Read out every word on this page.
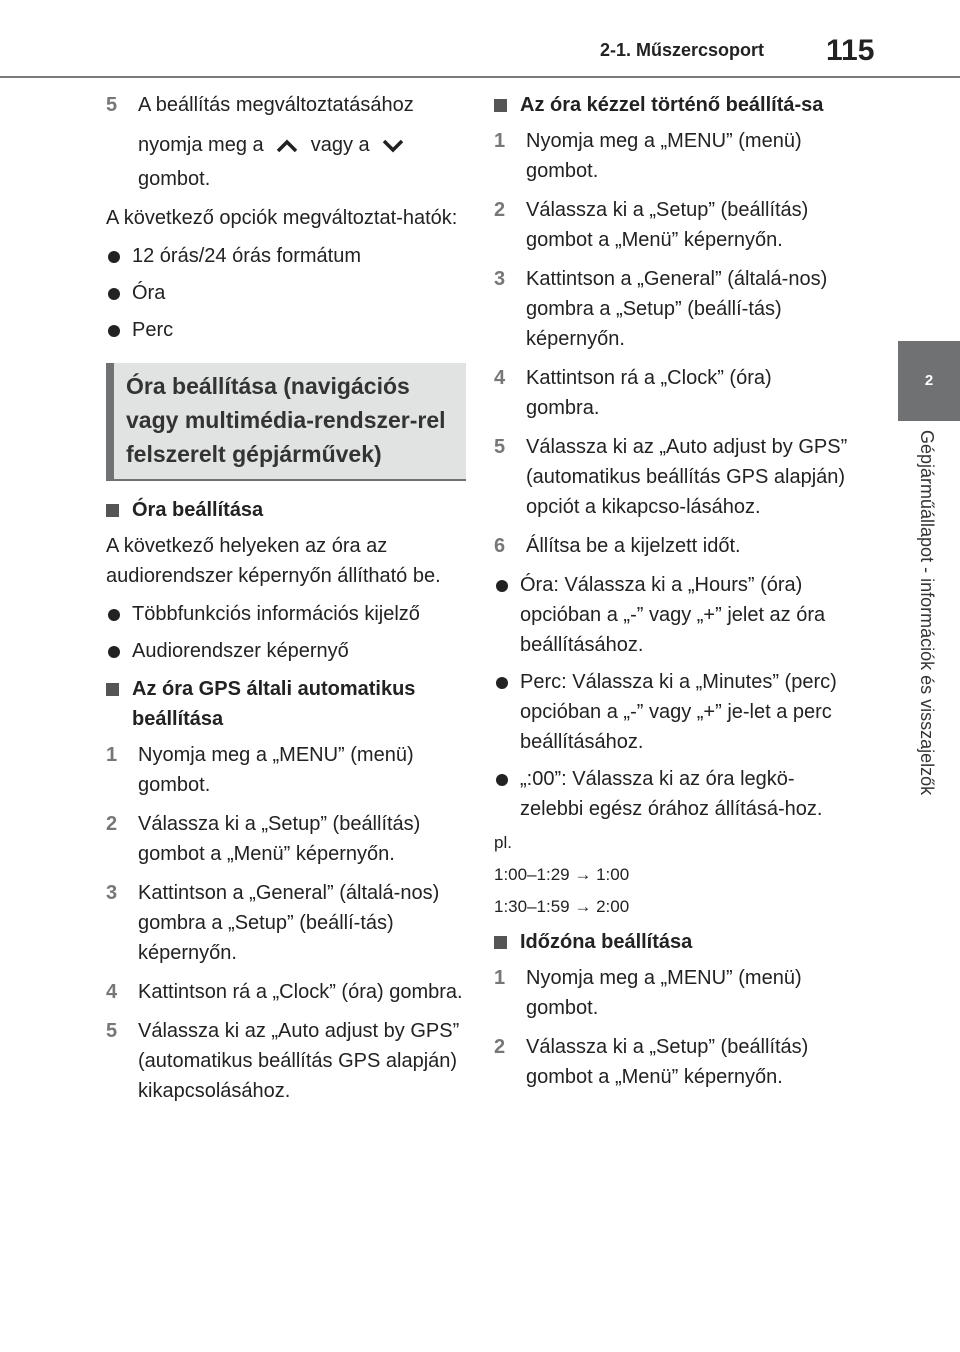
2-1. Műszercsoport 115
2
Gépjárműállapot - információk és visszajelzők
5 A beállítás megváltoztatásához
nyomja meg a vagy a
gombot.
A következő opciók megváltoztat-hatók:
12 órás/24 órás formátum
Óra
Perc
Óra beállítása (navigációs vagy multimédia-rendszer-rel felszerelt gépjárművek)
Óra beállítása
A következő helyeken az óra az audiorendszer képernyőn állítható be.
Többfunkciós információs kijelző
Audiorendszer képernyő
Az óra GPS általi automatikus beállítása
1 Nyomja meg a „MENU” (menü) gombot.
2 Válassza ki a „Setup” (beállítás) gombot a „Menü” képernyőn.
3 Kattintson a „General” (általá-nos) gombra a „Setup” (beállí-tás) képernyőn.
4 Kattintson rá a „Clock” (óra) gombra.
5 Válassza ki az „Auto adjust by GPS” (automatikus beállítás GPS alapján) kikapcsolásához.
Az óra kézzel történő beállítá-sa
1 Nyomja meg a „MENU” (menü) gombot.
2 Válassza ki a „Setup” (beállítás) gombot a „Menü” képernyőn.
3 Kattintson a „General” (általá-nos) gombra a „Setup” (beállí-tás) képernyőn.
4 Kattintson rá a „Clock” (óra) gombra.
5 Válassza ki az „Auto adjust by GPS” (automatikus beállítás GPS alapján) opciót a kikapcso-lásához.
6 Állítsa be a kijelzett időt.
Óra: Válassza ki a „Hours” (óra) opcióban a „-” vagy „+” jelet az óra beállításához.
Perc: Válassza ki a „Minutes” (perc) opcióban a „-” vagy „+” je-let a perc beállításához.
„:00”: Válassza ki az óra legkö-zelebbi egész órához állításá-hoz.
pl.
1:00–1:29 → 1:00
1:30–1:59 → 2:00
Időzóna beállítása
1 Nyomja meg a „MENU” (menü) gombot.
2 Válassza ki a „Setup” (beállítás) gombot a „Menü” képernyőn.
